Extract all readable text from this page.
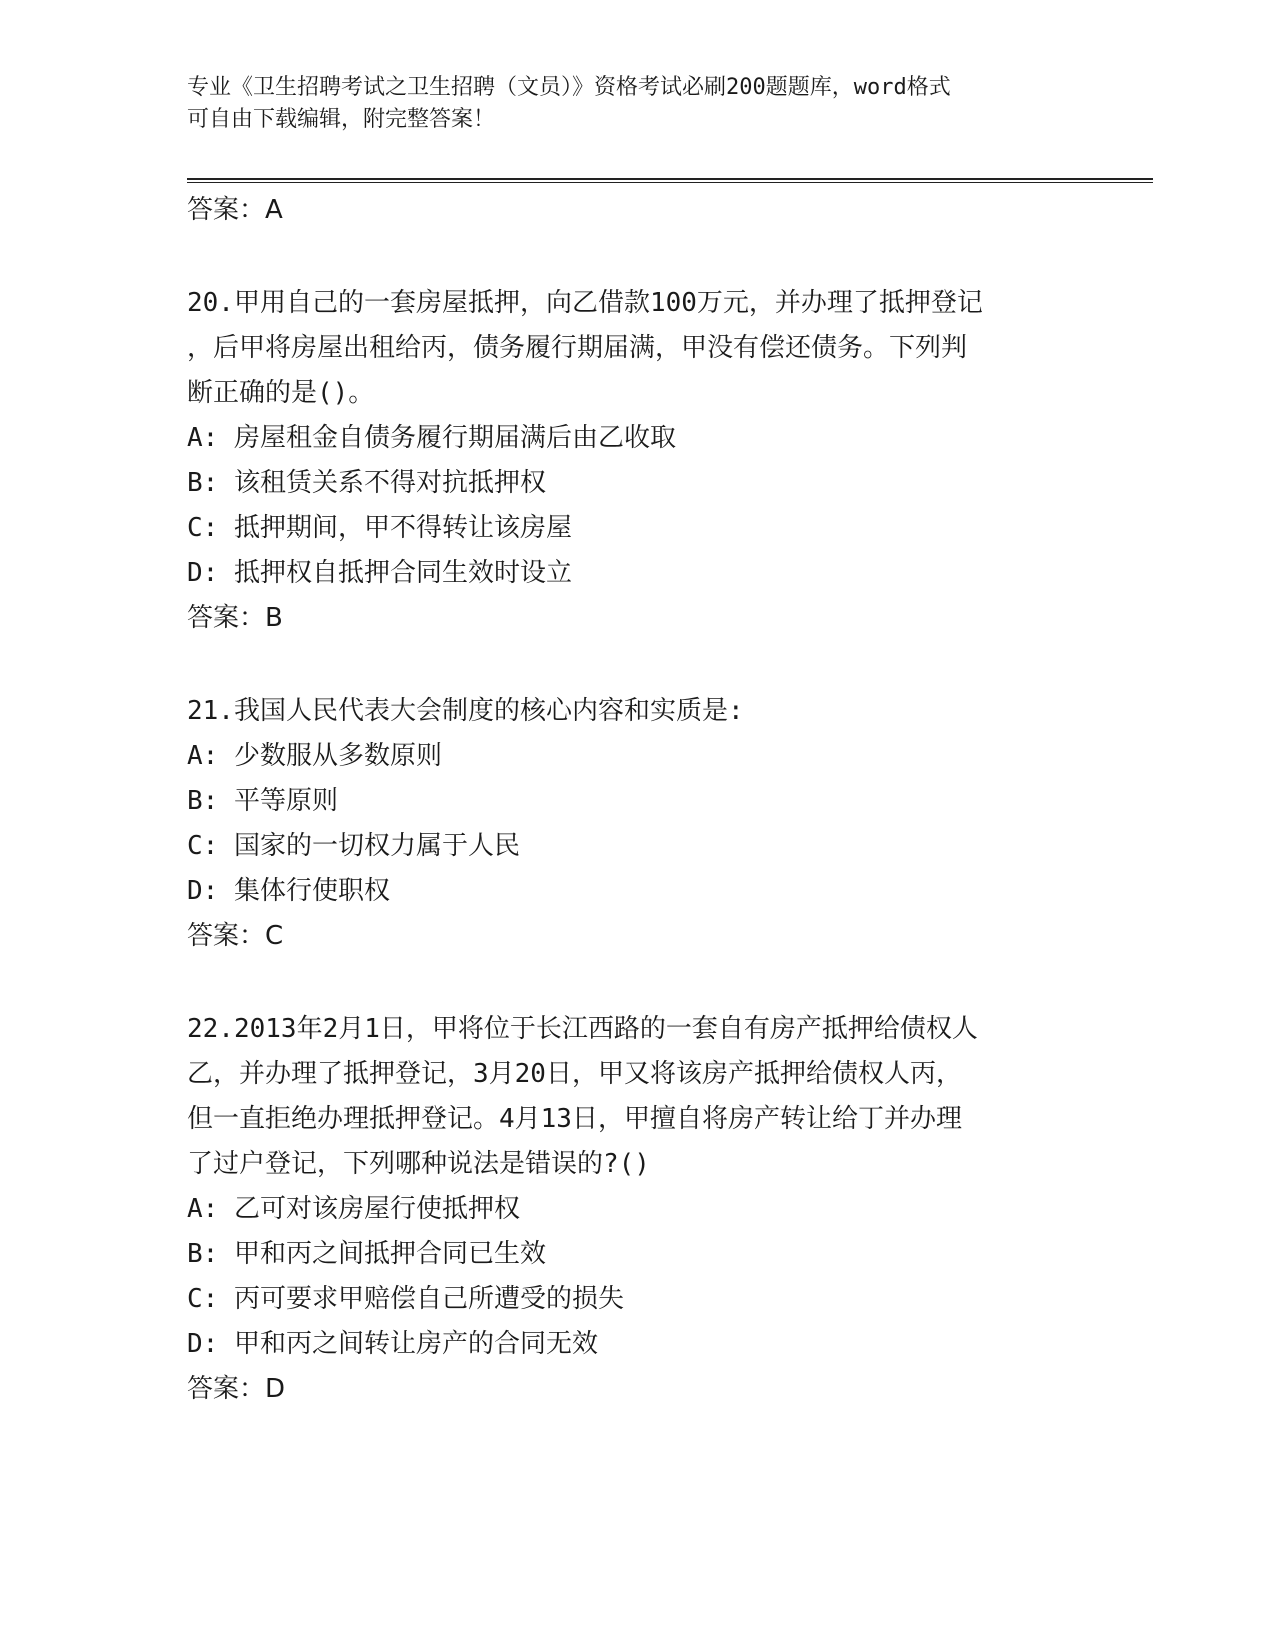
专业《卫生招聘考试之卫生招聘（文员）》资格考试必刷200题题库，word格式

可自由下载编辑，附完整答案！

答案：A
20.甲用自己的一套房屋抵押，向乙借款100万元，并办理了抵押登记
，后甲将房屋出租给丙，债务履行期届满，甲没有偿还债务。下列判
断正确的是()。
A: 房屋租金自债务履行期届满后由乙收取
B: 该租赁关系不得对抗抵押权
C: 抵押期间，甲不得转让该房屋
D: 抵押权自抵押合同生效时设立
答案：B
21.我国人民代表大会制度的核心内容和实质是:
A: 少数服从多数原则
B: 平等原则
C: 国家的一切权力属于人民
D: 集体行使职权
答案：C
22.2013年2月1日，甲将位于长江西路的一套自有房产抵押给债权人
乙，并办理了抵押登记，3月20日，甲又将该房产抵押给债权人丙，
但一直拒绝办理抵押登记。4月13日，甲擅自将房产转让给丁并办理
了过户登记，下列哪种说法是错误的?()
A: 乙可对该房屋行使抵押权
B: 甲和丙之间抵押合同已生效
C: 丙可要求甲赔偿自己所遭受的损失
D: 甲和丙之间转让房产的合同无效
答案：D
